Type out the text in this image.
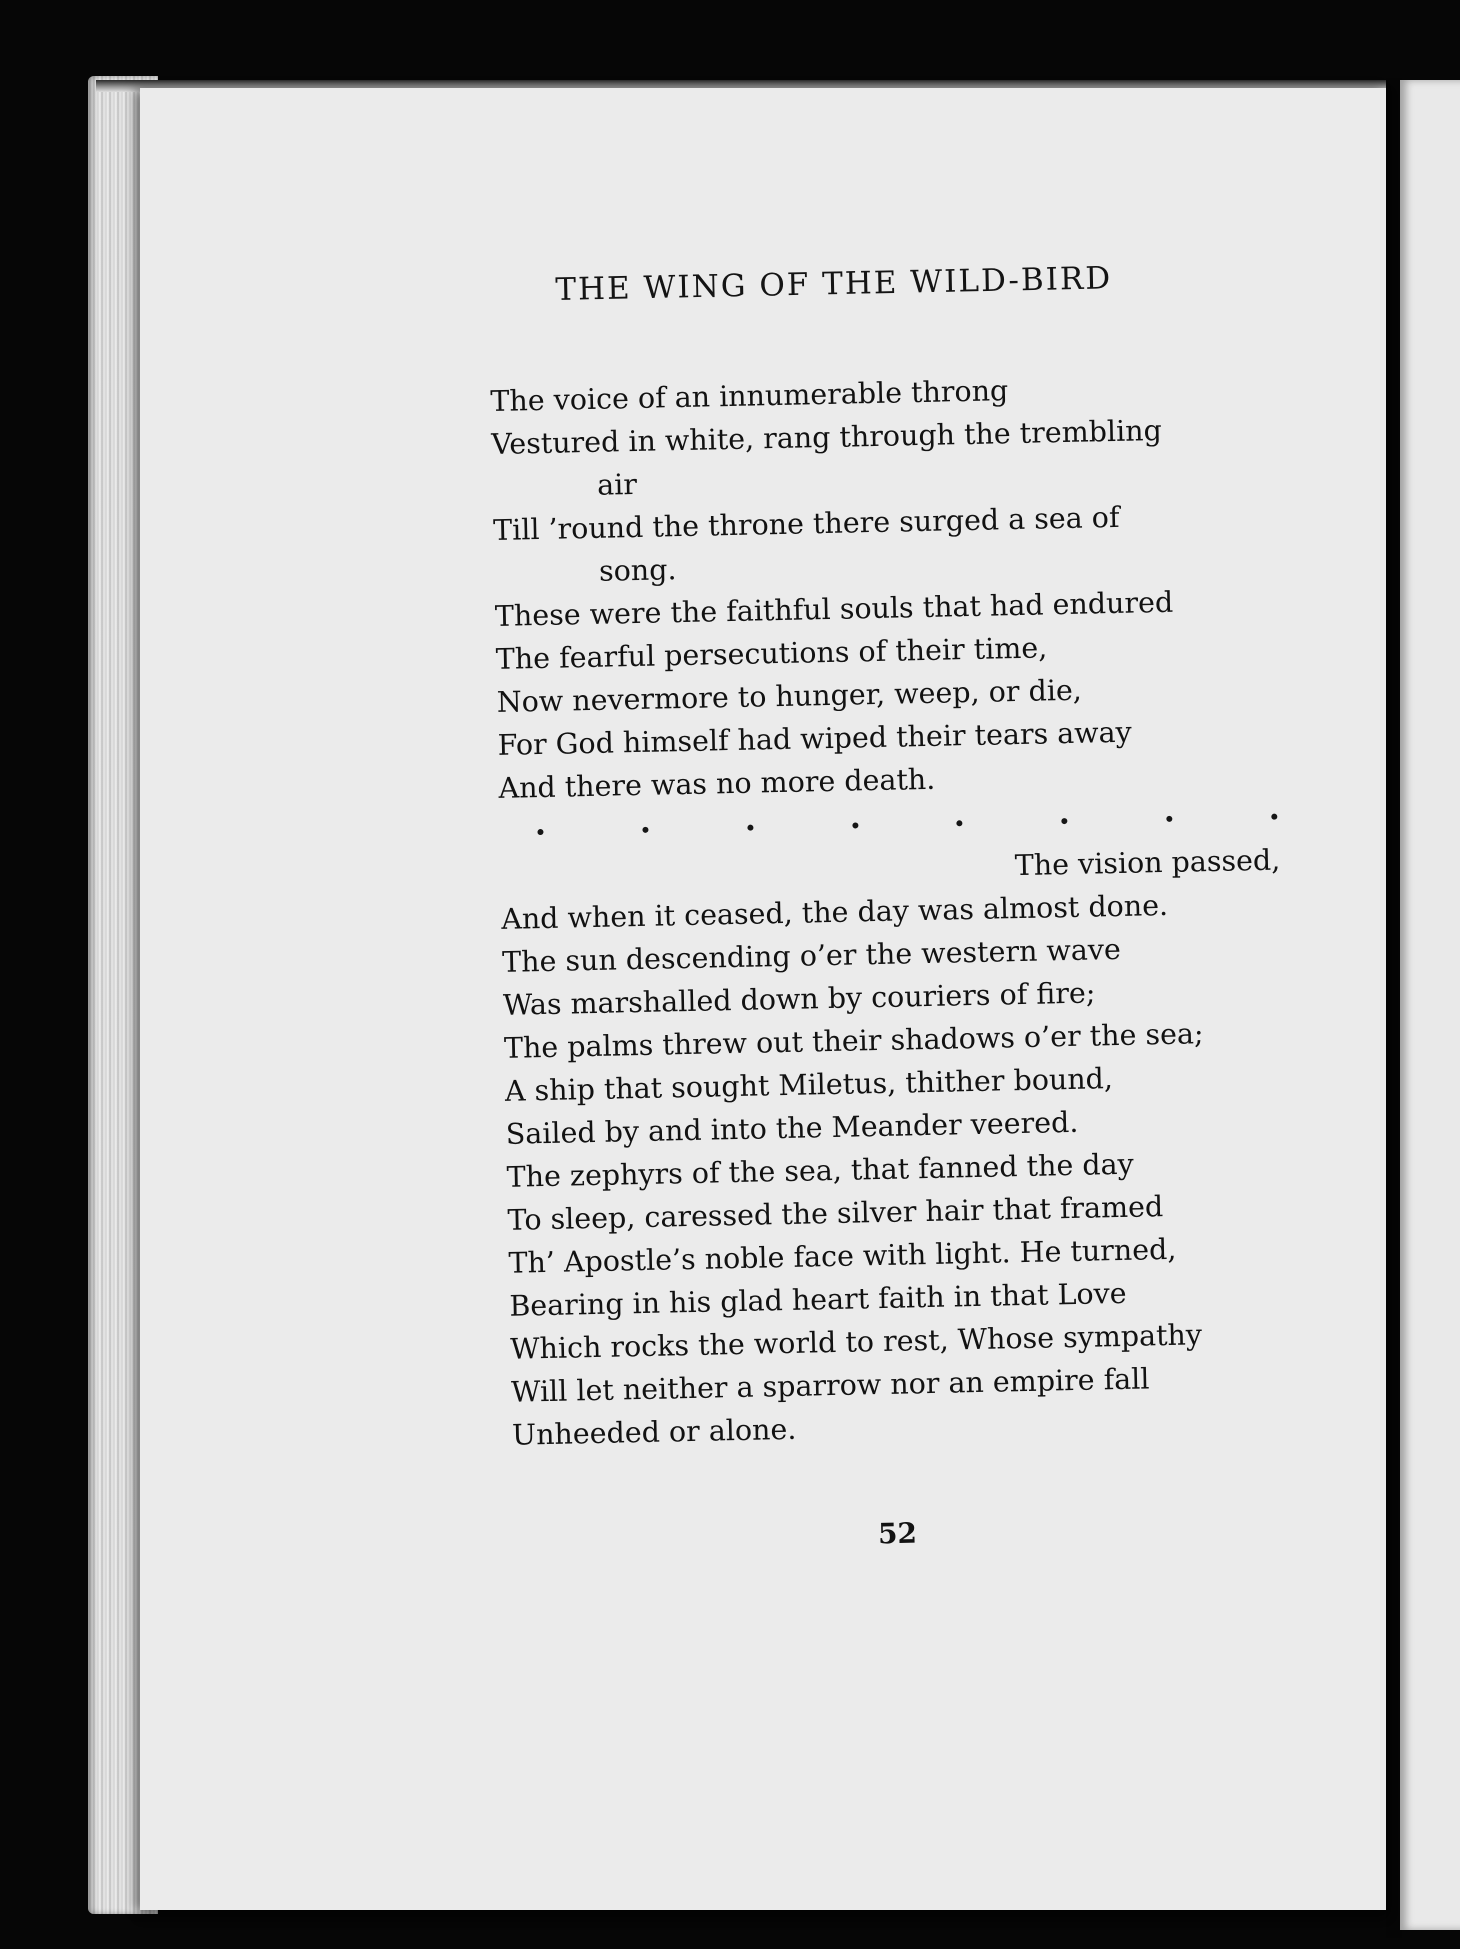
THE WING OF THE WILD-BIRD
The voice of an innumerable throng
Vestured in white, rang through the trembling
air
Till ’round the throne there surged a sea of
song.
These were the faithful souls that had endured
The fearful persecutions of their time,
Now nevermore to hunger, weep, or die,
For God himself had wiped their tears away
And there was no more death.
The vision passed,
And when it ceased, the day was almost done.
The sun descending o’er the western wave
Was marshalled down by couriers of fire;
The palms threw out their shadows o’er the sea;
A ship that sought Miletus, thither bound,
Sailed by and into the Meander veered.
The zephyrs of the sea, that fanned the day
To sleep, caressed the silver hair that framed
Th’ Apostle’s noble face with light. He turned,
Bearing in his glad heart faith in that Love
Which rocks the world to rest, Whose sympathy
Will let neither a sparrow nor an empire fall
Unheeded or alone.
52
